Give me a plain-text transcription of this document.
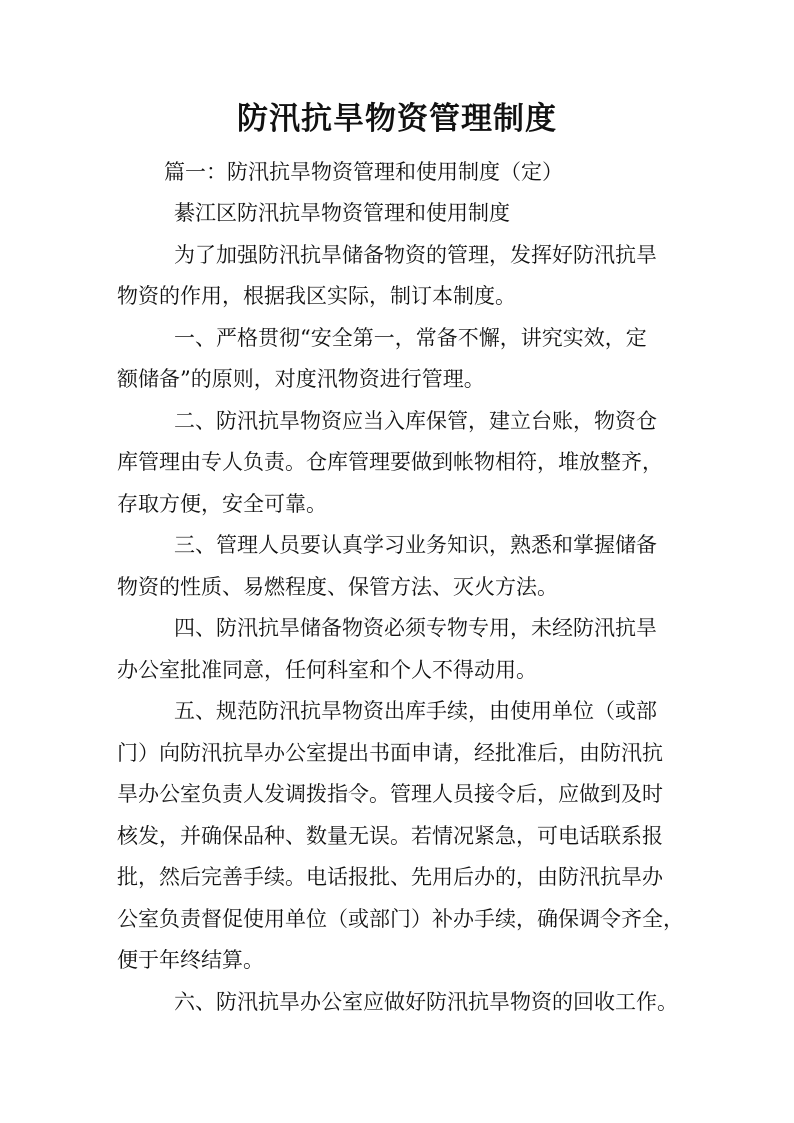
防汛抗旱物资管理制度

篇一：防汛抗旱物资管理和使用制度（定）

綦江区防汛抗旱物资管理和使用制度

为了加强防汛抗旱储备物资的管理，发挥好防汛抗旱

物资的作用，根据我区实际，制订本制度。

一、严格贯彻“安全第一，常备不懈，讲究实效，定

额储备”的原则，对度汛物资进行管理。

二、防汛抗旱物资应当入库保管，建立台账，物资仓

库管理由专人负责。仓库管理要做到帐物相符，堆放整齐，

存取方便，安全可靠。

三、管理人员要认真学习业务知识，熟悉和掌握储备

物资的性质、易燃程度、保管方法、灭火方法。

四、防汛抗旱储备物资必须专物专用，未经防汛抗旱

办公室批准同意，任何科室和个人不得动用。

五、规范防汛抗旱物资出库手续，由使用单位（或部

门）向防汛抗旱办公室提出书面申请，经批准后，由防汛抗

旱办公室负责人发调拨指令。管理人员接令后，应做到及时

核发，并确保品种、数量无误。若情况紧急，可电话联系报

批，然后完善手续。电话报批、先用后办的，由防汛抗旱办

公室负责督促使用单位（或部门）补办手续，确保调令齐全，

便于年终结算。

六、防汛抗旱办公室应做好防汛抗旱物资的回收工作。
